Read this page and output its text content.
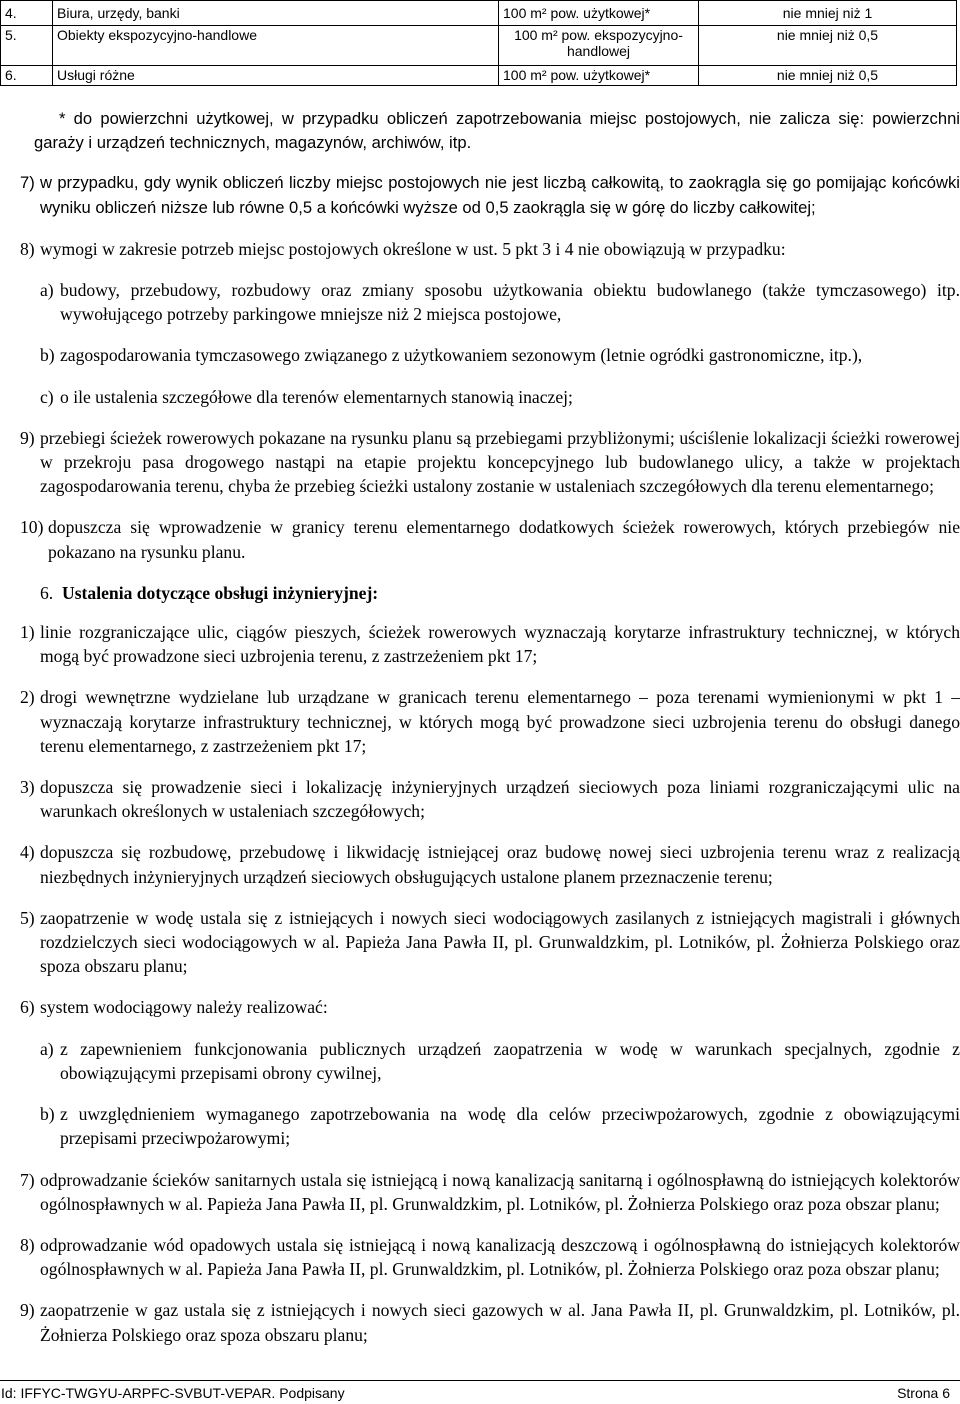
4.	Biura, urzędy, banki	100 m² pow. użytkowej*	nie mniej niż 1
5.	Obiekty ekspozycyjno-handlowe	100 m² pow. ekspozycyjno-handlowej	nie mniej niż 0,5
6.	Usługi różne	100 m² pow. użytkowej*	nie mniej niż 0,5

* do powierzchni użytkowej, w przypadku obliczeń zapotrzebowania miejsc postojowych, nie zalicza się: powierzchni garaży i urządzeń technicznych, magazynów, archiwów, itp.

7) w przypadku, gdy wynik obliczeń liczby miejsc postojowych nie jest liczbą całkowitą, to zaokrągla się go pomijając końcówki wyniku obliczeń niższe lub równe 0,5 a końcówki wyższe od 0,5 zaokrągla się w górę do liczby całkowitej;
8) wymogi w zakresie potrzeb miejsc postojowych określone w ust. 5 pkt 3 i 4 nie obowiązują w przypadku:
a) budowy, przebudowy, rozbudowy oraz zmiany sposobu użytkowania obiektu budowlanego (także tymczasowego) itp. wywołującego potrzeby parkingowe mniejsze niż 2 miejsca postojowe,
b) zagospodarowania tymczasowego związanego z użytkowaniem sezonowym (letnie ogródki gastronomiczne, itp.),
c) o ile ustalenia szczegółowe dla terenów elementarnych stanowią inaczej;
9) przebiegi ścieżek rowerowych pokazane na rysunku planu są przebiegami przybliżonymi; uściślenie lokalizacji ścieżki rowerowej w przekroju pasa drogowego nastąpi na etapie projektu koncepcyjnego lub budowlanego ulicy, a także w projektach zagospodarowania terenu, chyba że przebieg ścieżki ustalony zostanie w ustaleniach szczegółowych dla terenu elementarnego;
10) dopuszcza się wprowadzenie w granicy terenu elementarnego dodatkowych ścieżek rowerowych, których przebiegów nie pokazano na rysunku planu.
6. Ustalenia dotyczące obsługi inżynieryjnej:
1) linie rozgraniczające ulic, ciągów pieszych, ścieżek rowerowych wyznaczają korytarze infrastruktury technicznej, w których mogą być prowadzone sieci uzbrojenia terenu, z zastrzeżeniem pkt 17;
2) drogi wewnętrzne wydzielane lub urządzane w granicach terenu elementarnego – poza terenami wymienionymi w pkt 1 – wyznaczają korytarze infrastruktury technicznej, w których mogą być prowadzone sieci uzbrojenia terenu do obsługi danego terenu elementarnego, z zastrzeżeniem pkt 17;
3) dopuszcza się prowadzenie sieci i lokalizację inżynieryjnych urządzeń sieciowych poza liniami rozgraniczającymi ulic na warunkach określonych w ustaleniach szczegółowych;
4) dopuszcza się rozbudowę, przebudowę i likwidację istniejącej oraz budowę nowej sieci uzbrojenia terenu wraz z realizacją niezbędnych inżynieryjnych urządzeń sieciowych obsługujących ustalone planem przeznaczenie terenu;
5) zaopatrzenie w wodę ustala się z istniejących i nowych sieci wodociągowych zasilanych z istniejących magistrali i głównych rozdzielczych sieci wodociągowych w al. Papieża Jana Pawła II, pl. Grunwaldzkim, pl. Lotników, pl. Żołnierza Polskiego oraz spoza obszaru planu;
6) system wodociągowy należy realizować:
a) z zapewnieniem funkcjonowania publicznych urządzeń zaopatrzenia w wodę w warunkach specjalnych, zgodnie z obowiązującymi przepisami obrony cywilnej,
b) z uwzględnieniem wymaganego zapotrzebowania na wodę dla celów przeciwpożarowych, zgodnie z obowiązującymi przepisami przeciwpożarowymi;
7) odprowadzanie ścieków sanitarnych ustala się istniejącą i nową kanalizacją sanitarną i ogólnospławną do istniejących kolektorów ogólnospławnych w al. Papieża Jana Pawła II, pl. Grunwaldzkim, pl. Lotników, pl. Żołnierza Polskiego oraz poza obszar planu;
8) odprowadzanie wód opadowych ustala się istniejącą i nową kanalizacją deszczową i ogólnospławną do istniejących kolektorów ogólnospławnych w al. Papieża Jana Pawła II, pl. Grunwaldzkim, pl. Lotników, pl. Żołnierza Polskiego oraz poza obszar planu;
9) zaopatrzenie w gaz ustala się z istniejących i nowych sieci gazowych w al. Jana Pawła II, pl. Grunwaldzkim, pl. Lotników, pl. Żołnierza Polskiego oraz spoza obszaru planu;
Id: IFFYC-TWGYU-ARPFC-SVBUT-VEPAR. Podpisany	Strona 6
